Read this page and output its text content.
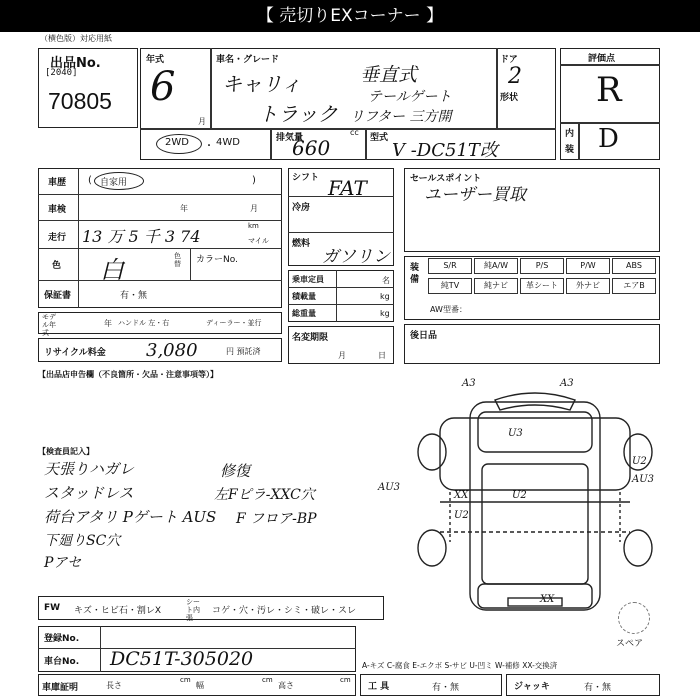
【 売切りEXコーナー 】
（横色版）対応用紙
出品No.
[2040]
70805
年式
6
月
車名・グレード
キャリィ
トラック
垂直式
テールゲート
リフター 三方開
ドア
2
形状
2WD ・ 4WD	排気量
660
cc
型式
V -DC51T改
評価点
R
内
装 D
車歴 ( 自家用	)
車検	年	月
走行 13 万 5 千 3 74
km
マイル
色 白	色替 カラーNo.
保証書	有・無
モデル年式
年 ハンドル 左・右	ディーラー・並行
リサイクル料金 3,080	円 預託済
シフト FAT
冷房
燃料
ガソリン
乗車定員	名
積載量	kg
総重量	kg
名変期限
月	日
セールスポイント
ユーザー買取
装備
S/R	純A/W	P/S	P/W	ABS
純TV	純ナビ	革シート	外ナビ	エアB
AW型番：
後日品
【出品店申告欄（不良箇所・欠品・注意事項等）】
【検査員記入】
天張りハガレ
スタッドレス
荷台アタリ Pゲート AUS
下廻りSC穴
Pアセ
修復
左Fピラ-XXC穴
F フロア-BP
A3	A3
U3
U2
AU3
AU3
XX	U2
U2
XX
スペア
FW キズ・ヒビ石・割レX
シート内張
コゲ・穴・汚レ・シミ・破レ・スレ
登録No.
車台No. DC51T-305020	A-キズ C-腐食 E-エクボ S-サビ U-凹ミ W-補修 XX-交換済
車庫証明	長さ
cm
幅
cm
高さ
cm
工 具	有・無	ジャッキ	有・無
